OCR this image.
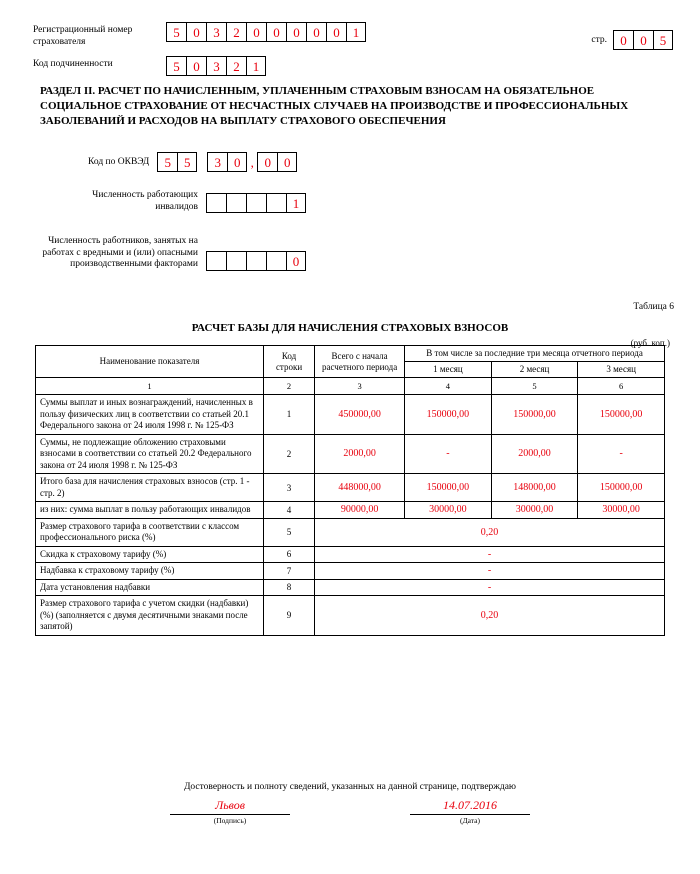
Регистрационный номер
страхователя
5	0	3	2	0	0	0	0	0	1	стр.	0	0	5
Код подчиненности	5	0	3	2	1
РАЗДЕЛ II. РАСЧЕТ ПО НАЧИСЛЕННЫМ, УПЛАЧЕННЫМ СТРАХОВЫМ ВЗНОСАМ НА ОБЯЗАТЕЛЬНОЕ СОЦИАЛЬНОЕ СТРАХОВАНИЕ ОТ НЕСЧАСТНЫХ СЛУЧАЕВ НА ПРОИЗВОДСТВЕ И ПРОФЕССИОНАЛЬНЫХ ЗАБОЛЕВАНИЙ И РАСХОДОВ НА ВЫПЛАТУ СТРАХОВОГО ОБЕСПЕЧЕНИЯ
Код по ОКВЭД	5	5
	3	0 , 0	0
Численность работающих инвалидов	1
Численность работников, занятых на работах с вредными и (или) опасными производственными факторами	0
Таблица 6
РАСЧЕТ БАЗЫ ДЛЯ НАЧИСЛЕНИЯ СТРАХОВЫХ ВЗНОСОВ
(руб. коп.)
Наименование показателя	Код строки	Всего с начала расчетного периода	В том числе за последние три месяца отчетного периода		
			1 месяц	2 месяц	3 месяц
1	2	3	4	5	6
Суммы выплат и иных вознаграждений, начисленных в пользу физических лиц в соответствии со статьей 20.1 Федерального закона от 24 июля 1998 г. № 125-ФЗ	1	450000,00	150000,00	150000,00	150000,00
Суммы, не подлежащие обложению страховыми взносами в соответствии со статьей 20.2 Федерального закона от 24 июля 1998 г. № 125-ФЗ	2	2000,00	-	2000,00	-
Итого база для начисления страховых взносов (стр. 1 - стр. 2)	3	448000,00	150000,00	148000,00	150000,00
из них: сумма выплат в пользу работающих инвалидов	4	90000,00	30000,00	30000,00	30000,00
Размер страхового тарифа в соответствии с классом профессионального риска (%)	5	0,20			
Скидка к страховому тарифу (%)	6	-			
Надбавка к страховому тарифу (%)	7	-			
Дата установления надбавки	8	-			
Размер страхового тарифа с учетом скидки (надбавки) (%) (заполняется с двумя десятичными знаками после запятой)	9	0,20			
Достоверность и полноту сведений, указанных на данной странице, подтверждаю
Львов
(Подпись)
14.07.2016
(Дата)
